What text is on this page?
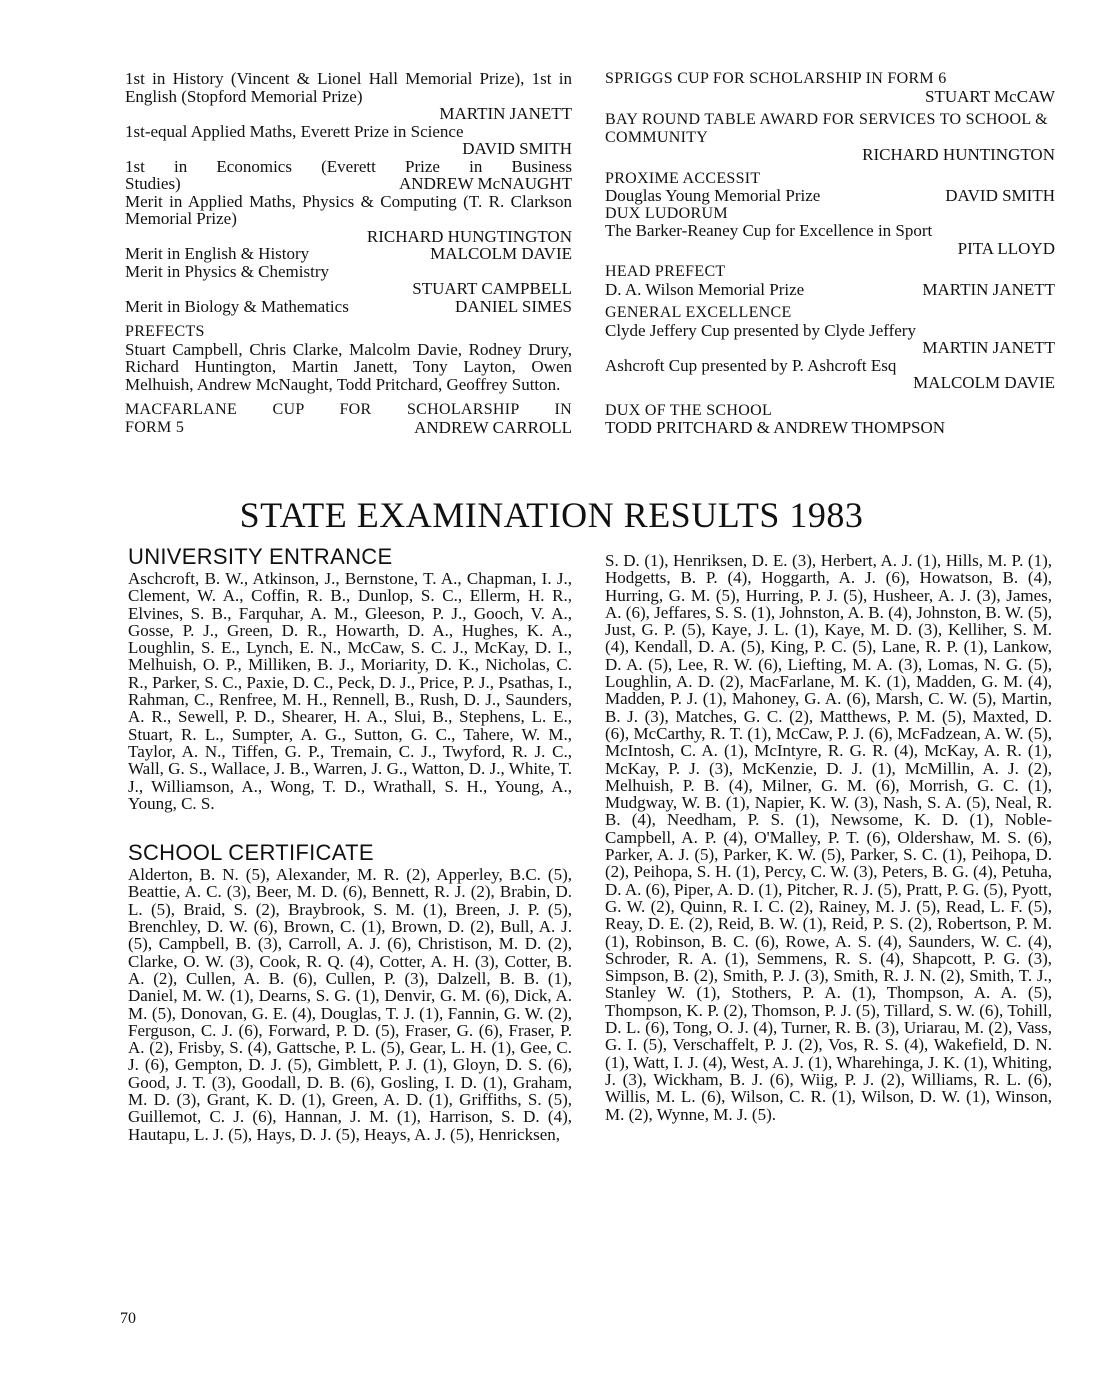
1st in History (Vincent & Lionel Hall Memorial Prize), 1st in English (Stopford Memorial Prize)
MARTIN JANETT
1st-equal Applied Maths, Everett Prize in Science
DAVID SMITH
1st in Economics (Everett Prize in Business
Studies)	ANDREW McNAUGHT
Merit in Applied Maths, Physics & Computing (T. R. Clarkson Memorial Prize)
RICHARD HUNGTINGTON
Merit in English & History	MALCOLM DAVIE
Merit in Physics & Chemistry
STUART CAMPBELL
Merit in Biology & Mathematics	DANIEL SIMES
PREFECTS
Stuart Campbell, Chris Clarke, Malcolm Davie, Rodney Drury, Richard Huntington, Martin Janett, Tony Layton, Owen Melhuish, Andrew McNaught, Todd Pritchard, Geoffrey Sutton.
MACFARLANE CUP FOR SCHOLARSHIP IN
FORM 5	ANDREW CARROLL
SPRIGGS CUP FOR SCHOLARSHIP IN FORM 6
STUART McCAW
BAY ROUND TABLE AWARD FOR SERVICES TO SCHOOL & COMMUNITY
RICHARD HUNTINGTON
PROXIME ACCESSIT
Douglas Young Memorial Prize	DAVID SMITH
DUX LUDORUM
The Barker-Reaney Cup for Excellence in Sport
PITA LLOYD
HEAD PREFECT
D. A. Wilson Memorial Prize	MARTIN JANETT
GENERAL EXCELLENCE
Clyde Jeffery Cup presented by Clyde Jeffery
MARTIN JANETT
Ashcroft Cup presented by P. Ashcroft Esq
MALCOLM DAVIE
DUX OF THE SCHOOL
TODD PRITCHARD & ANDREW THOMPSON
STATE EXAMINATION RESULTS 1983
UNIVERSITY ENTRANCE
Aschcroft, B. W., Atkinson, J., Bernstone, T. A., Chapman, I. J., Clement, W. A., Coffin, R. B., Dunlop, S. C., Ellerm, H. R., Elvines, S. B., Farquhar, A. M., Gleeson, P. J., Gooch, V. A., Gosse, P. J., Green, D. R., Howarth, D. A., Hughes, K. A., Loughlin, S. E., Lynch, E. N., McCaw, S. C. J., McKay, D. I., Melhuish, O. P., Milliken, B. J., Moriarity, D. K., Nicholas, C. R., Parker, S. C., Paxie, D. C., Peck, D. J., Price, P. J., Psathas, I., Rahman, C., Renfree, M. H., Rennell, B., Rush, D. J., Saunders, A. R., Sewell, P. D., Shearer, H. A., Slui, B., Stephens, L. E., Stuart, R. L., Sumpter, A. G., Sutton, G. C., Tahere, W. M., Taylor, A. N., Tiffen, G. P., Tremain, C. J., Twyford, R. J. C., Wall, G. S., Wallace, J. B., Warren, J. G., Watton, D. J., White, T. J., Williamson, A., Wong, T. D., Wrathall, S. H., Young, A., Young, C. S.
SCHOOL CERTIFICATE
Alderton, B. N. (5), Alexander, M. R. (2), Apperley, B.C. (5), Beattie, A. C. (3), Beer, M. D. (6), Bennett, R. J. (2), Brabin, D. L. (5), Braid, S. (2), Braybrook, S. M. (1), Breen, J. P. (5), Brenchley, D. W. (6), Brown, C. (1), Brown, D. (2), Bull, A. J. (5), Campbell, B. (3), Carroll, A. J. (6), Christison, M. D. (2), Clarke, O. W. (3), Cook, R. Q. (4), Cotter, A. H. (3), Cotter, B. A. (2), Cullen, A. B. (6), Cullen, P. (3), Dalzell, B. B. (1), Daniel, M. W. (1), Dearns, S. G. (1), Denvir, G. M. (6), Dick, A. M. (5), Donovan, G. E. (4), Douglas, T. J. (1), Fannin, G. W. (2), Ferguson, C. J. (6), Forward, P. D. (5), Fraser, G. (6), Fraser, P. A. (2), Frisby, S. (4), Gattsche, P. L. (5), Gear, L. H. (1), Gee, C. J. (6), Gempton, D. J. (5), Gimblett, P. J. (1), Gloyn, D. S. (6), Good, J. T. (3), Goodall, D. B. (6), Gosling, I. D. (1), Graham, M. D. (3), Grant, K. D. (1), Green, A. D. (1), Griffiths, S. (5), Guillemot, C. J. (6), Hannan, J. M. (1), Harrison, S. D. (4), Hautapu, L. J. (5), Hays, D. J. (5), Heays, A. J. (5), Henricksen,
S. D. (1), Henriksen, D. E. (3), Herbert, A. J. (1), Hills, M. P. (1), Hodgetts, B. P. (4), Hoggarth, A. J. (6), Howatson, B. (4), Hurring, G. M. (5), Hurring, P. J. (5), Husheer, A. J. (3), James, A. (6), Jeffares, S. S. (1), Johnston, A. B. (4), Johnston, B. W. (5), Just, G. P. (5), Kaye, J. L. (1), Kaye, M. D. (3), Kelliher, S. M. (4), Kendall, D. A. (5), King, P. C. (5), Lane, R. P. (1), Lankow, D. A. (5), Lee, R. W. (6), Liefting, M. A. (3), Lomas, N. G. (5), Loughlin, A. D. (2), MacFarlane, M. K. (1), Madden, G. M. (4), Madden, P. J. (1), Mahoney, G. A. (6), Marsh, C. W. (5), Martin, B. J. (3), Matches, G. C. (2), Matthews, P. M. (5), Maxted, D. (6), McCarthy, R. T. (1), McCaw, P. J. (6), McFadzean, A. W. (5), McIntosh, C. A. (1), McIntyre, R. G. R. (4), McKay, A. R. (1), McKay, P. J. (3), McKenzie, D. J. (1), McMillin, A. J. (2), Melhuish, P. B. (4), Milner, G. M. (6), Morrish, G. C. (1), Mudgway, W. B. (1), Napier, K. W. (3), Nash, S. A. (5), Neal, R. B. (4), Needham, P. S. (1), Newsome, K. D. (1), Noble-Campbell, A. P. (4), O'Malley, P. T. (6), Oldershaw, M. S. (6), Parker, A. J. (5), Parker, K. W. (5), Parker, S. C. (1), Peihopa, D. (2), Peihopa, S. H. (1), Percy, C. W. (3), Peters, B. G. (4), Petuha, D. A. (6), Piper, A. D. (1), Pitcher, R. J. (5), Pratt, P. G. (5), Pyott, G. W. (2), Quinn, R. I. C. (2), Rainey, M. J. (5), Read, L. F. (5), Reay, D. E. (2), Reid, B. W. (1), Reid, P. S. (2), Robertson, P. M. (1), Robinson, B. C. (6), Rowe, A. S. (4), Saunders, W. C. (4), Schroder, R. A. (1), Semmens, R. S. (4), Shapcott, P. G. (3), Simpson, B. (2), Smith, P. J. (3), Smith, R. J. N. (2), Smith, T. J., Stanley W. (1), Stothers, P. A. (1), Thompson, A. A. (5), Thompson, K. P. (2), Thomson, P. J. (5), Tillard, S. W. (6), Tohill, D. L. (6), Tong, O. J. (4), Turner, R. B. (3), Uriarau, M. (2), Vass, G. I. (5), Verschaffelt, P. J. (2), Vos, R. S. (4), Wakefield, D. N. (1), Watt, I. J. (4), West, A. J. (1), Wharehinga, J. K. (1), Whiting, J. (3), Wickham, B. J. (6), Wiig, P. J. (2), Williams, R. L. (6), Willis, M. L. (6), Wilson, C. R. (1), Wilson, D. W. (1), Winson, M. (2), Wynne, M. J. (5).
70
